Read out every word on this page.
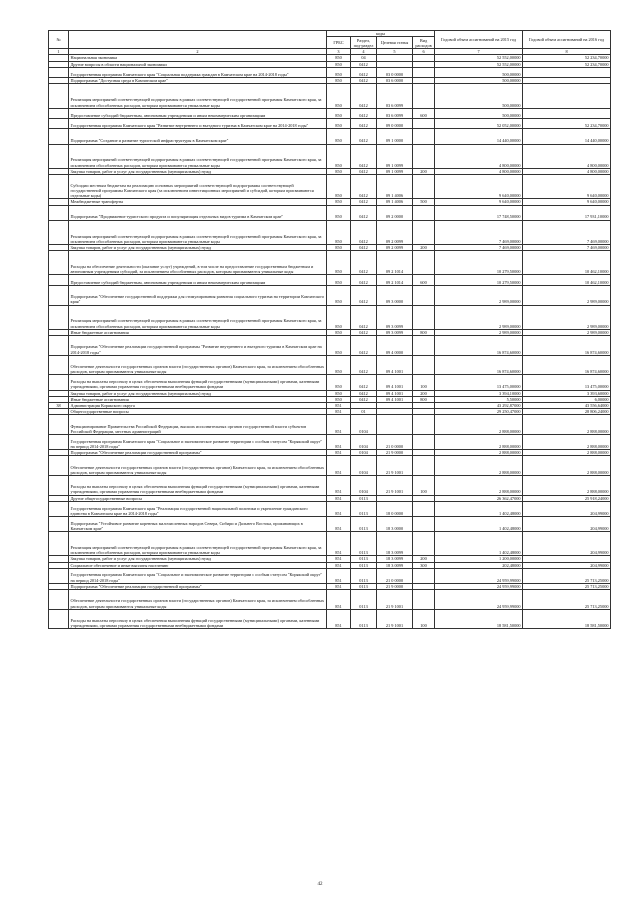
№		коды				Годовой объем ассигнований на 2015 год	Годовой объем ассигнований на 2016 год
		ГРБС	Раздел, под-раздел	Целевая статья	Вид расходов		
1	2	3	4	5	6	7	8
	Национальная экономика	850	04			52 552,00000	52 234,70000
	Другие вопросы в области национальной экономики	850	0412			52 552,00000	52 234,70000
	Государственная программа Камчатского края "Социальная поддержка граждан в Камчатском крае на 2014-2018 годы"	850	0412	03 0 0000		500,00000	
	Подпрограмма "Доступная среда в Камчатском крае"	850	0412	03 6 0000		500,00000	
	Реализация мероприятий соответствующей подпрограммы в рамках соответствующей государственной программы Камчатского края, за исключением обособленных расходов, которым присваиваются уникальные коды	850	0412	03 6 0099		500,00000	
	Предоставление субсидий бюджетным, автономным учреждениям и иным некоммерческим организациям	850	0412	03 6 0099	600	500,00000	
	Государственная программа Камчатского края "Развитие внутреннего и въездного туризма в Камчатском крае на 2014-2018 годы"	850	0412	09 0 0000		52 052,00000	52 234,70000
	Подпрограмма "Создание и развитие туристской инфраструктуры в Камчатском крае"	850	0412	09 1 0000		14 440,00000	14 440,00000
	Реализация мероприятий соответствующей подпрограммы в рамках соответствующей государственной программы Камчатского края, за исключением обособленных расходов, которым присваиваются уникальные коды	850	0412	09 1 0099		4 800,00000	4 800,00000
	Закупка товаров, работ и услуг для государственных (муниципальных) нужд	850	0412	09 1 0099	200	4 800,00000	4 800,00000
	Субсидии местным бюджетам на реализацию основных мероприятий соответствующей подпрограммы соответствующей государственной программы Камчатского края (за исключением инвестиционных мероприятий и субсидий, которым присваиваются отдельные коды)	850	0412	09 1 4006		9 640,00000	9 640,00000
	Межбюджетные трансферты	850	0412	09 1 4006	500	9 640,00000	9 640,00000
	Подпрограмма "Продвижение туристского продукта и популяризация отдельных видов туризма в Камчатском крае"	850	0412	09 2 0000		17 748,50000	17 931,10000
	Реализация мероприятий соответствующей подпрограммы в рамках соответствующей государственной программы Камчатского края, за исключением обособленных расходов, которым присваиваются уникальные коды	850	0412	09 2 0099		7 469,00000	7 469,00000
	Закупка товаров, работ и услуг для государственных (муниципальных) нужд	850	0412	09 2 0099	200	7 469,00000	7 469,00000
	Расходы на обеспечение деятельности (оказание услуг) учреждений, в том числе на предоставление государственным бюджетным и автономным учреждениям субсидий, за исключением обособленных расходов, которым присваиваются уникальные коды	850	0412	09 2 1014		10 279,50000	10 462,10000
	Предоставление субсидий бюджетным, автономным учреждениям и иным некоммерческим организациям	850	0412	09 2 1014	600	10 279,50000	10 462,10000
	Подпрограмма "Обеспечение государственной поддержки для стимулирования развития социального туризма на территории Камчатского края"	850	0412	09 3 0000		2 989,00000	2 989,00000
	Реализация мероприятий соответствующей подпрограммы в рамках соответствующей государственной программы Камчатского края, за исключением обособленных расходов, которым присваиваются уникальные коды	850	0412	09 3 0099		2 989,00000	2 989,00000
	Иные бюджетные ассигнования	850	0412	09 3 0099	800	2 989,00000	2 989,00000
	Подпрограмма "Обеспечение реализации государственной программы "Развитие внутреннего и въездного туризма в Камчатском крае на 2014-2018 годы"	850	0412	09 4 0000		16 874,60000	16 874,60000
	Обеспечение деятельности государственных органов власти (государственных органов) Камчатского края, за исключением обособленных расходов, которым присваиваются уникальные коды	850	0412	09 4 1001		16 874,60000	16 874,60000
	Расходы на выплаты персоналу в целях обеспечения выполнения функций государственными (муниципальными) органами, казенными учреждениями, органами управления государственными внебюджетными фондами	850	0412	09 4 1001	100	13 475,00000	13 475,00000
	Закупка товаров, работ и услуг для государственных (муниципальных) нужд	850	0412	09 4 1001	200	3 394,10000	3 393,60000
	Иные бюджетные ассигнования	850	0412	09 4 1001	800	5,50000	6,00000
38	Администрация Корякского округа	851				43 292,87000	43 556,64000
	Общегосударственные вопросы	851	01			29 250,47000	28 806,24000
	Функционирование Правительства Российской Федерации, высших исполнительных органов государственной власти субъектов Российской Федерации, местных администраций	851	0104			2 888,00000	2 888,00000
	Государственная программа Камчатского края "Социальное и экономическое развитие территории с особым статусом "Корякский округ" на период 2014-2018 годы"	851	0104	21 0 0000		2 888,00000	2 888,00000
	Подпрограмма "Обеспечение реализации государственной программы"	851	0104	21 9 0000		2 888,00000	2 888,00000
	Обеспечение деятельности государственных органов власти (государственных органов) Камчатского края, за исключением обособленных расходов, которым присваиваются уникальные коды	851	0104	21 9 1001		2 888,00000	2 888,00000
	Расходы на выплаты персоналу в целях обеспечения выполнения функций государственными (муниципальными) органами, казенными учреждениями, органами управления государственными внебюджетными фондами	851	0104	21 9 1001	100	2 888,00000	2 888,00000
	Другие общегосударственные вопросы	851	0113			26 362,47000	25 918,24000
	Государственная программа Камчатского края "Реализация государственной национальной политики и укрепление гражданского единства в Камчатском крае на 2014-2018 годы"	851	0113	18 0 0000		1 402,48000	204,99000
	Подпрограмма "Устойчивое развитие коренных малочисленных народов Севера, Сибири и Дальнего Востока, проживающих в Камчатском крае"	851	0113	18 3 0000		1 402,48000	204,99000
	Реализация мероприятий соответствующей подпрограммы в рамках соответствующей государственной программы Камчатского края, за исключением обособленных расходов, которым присваиваются уникальные коды	851	0113	18 3 0099		1 402,48000	204,99000
	Закупка товаров, работ и услуг для государственных (муниципальных) нужд	851	0113	18 3 0099	200	1 200,00000	
	Социальное обеспечение и иные выплаты населению	851	0113	18 3 0099	300	202,48000	204,99000
	Государственная программа Камчатского края "Социальное и экономическое развитие территории с особым статусом "Корякский округ" на период 2014-2018 годы"	851	0113	21 0 0000		24 959,99000	25 713,25000
	Подпрограмма "Обеспечение реализации государственной программы"	851	0113	21 9 0000		24 959,99000	25 713,25000
	Обеспечение деятельности государственных органов власти (государственных органов) Камчатского края, за исключением обособленных расходов, которым присваиваются уникальные коды	851	0113	21 9 1001		24 959,99000	25 713,25000
	Расходы на выплаты персоналу в целях обеспечения выполнения функций государственными (муниципальными) органами, казенными учреждениями, органами управления государственными внебюджетными фондами	851	0113	21 9 1001	100	18 581,50000	18 581,50000
42
